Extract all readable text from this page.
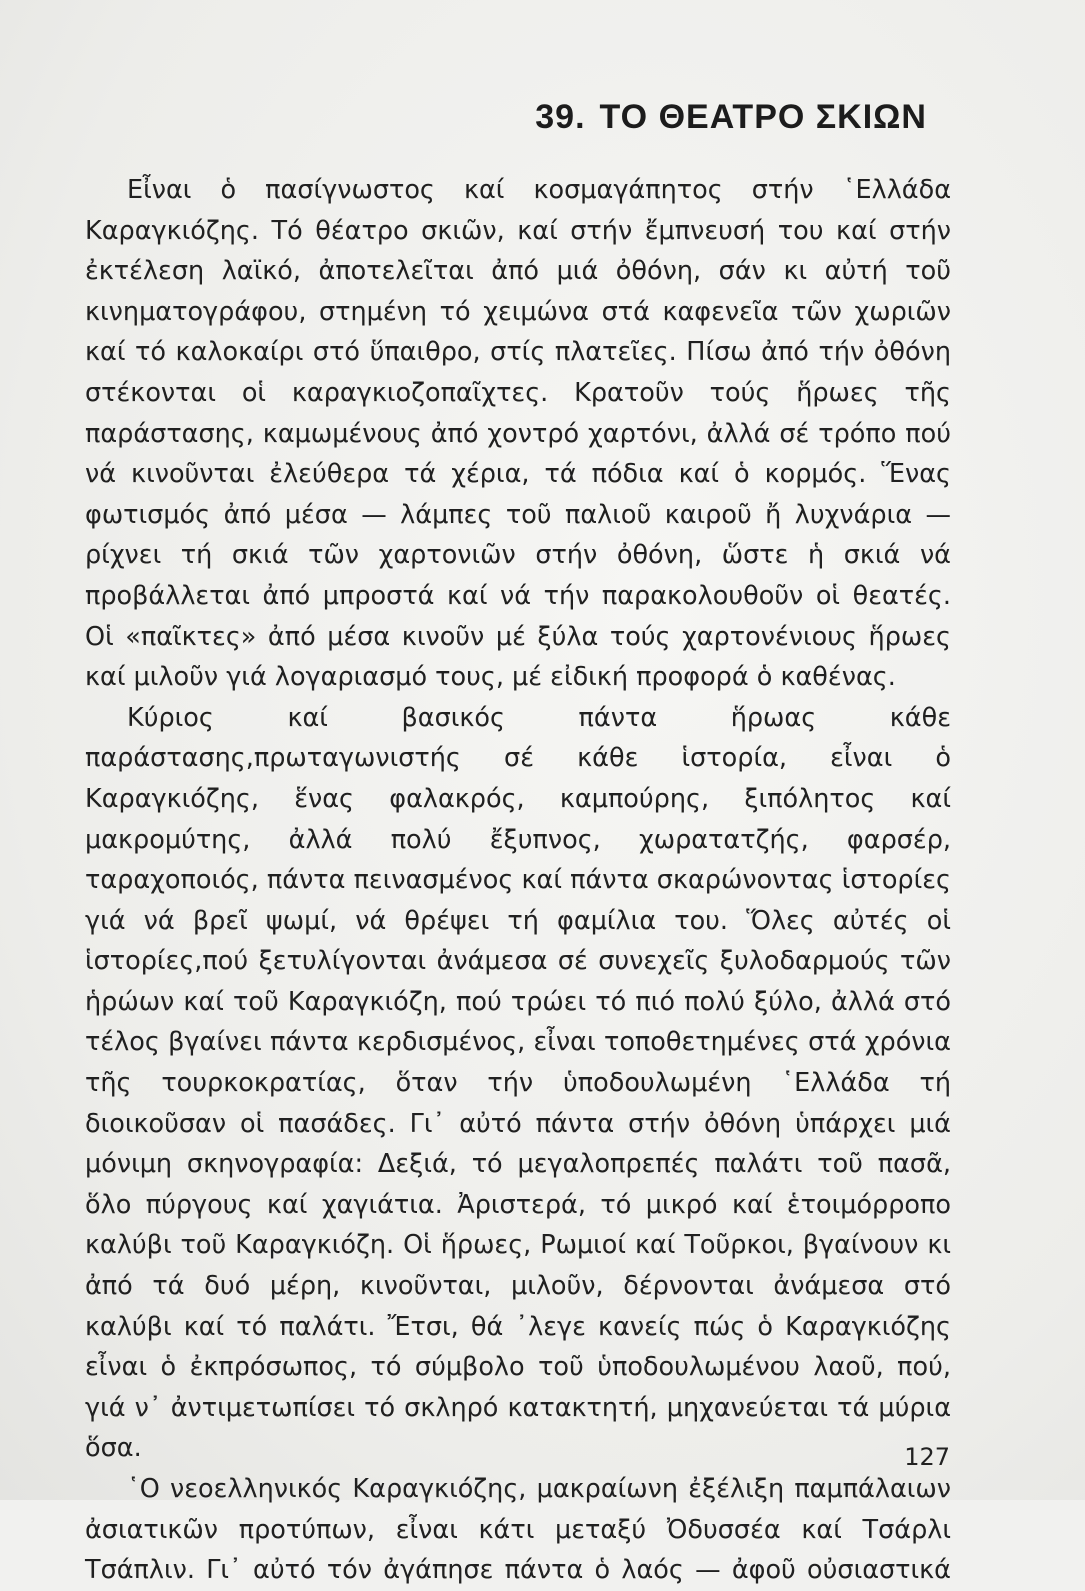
39. ΤΟ ΘΕΑΤΡΟ ΣΚΙΩΝ

Εἶναι ὁ πασίγνωστος καί κοσμαγάπητος στήν ῾Ελλάδα Καραγκιόζης. Τό θέατρο σκιῶν, καί στήν ἔμπνευσή του καί στήν ἐκτέλεση λαϊκό, ἀποτελεῖται ἀπό μιά ὀθόνη, σάν κι αὐτή τοῦ κινηματογράφου, στημένη τό χειμώνα στά καφενεῖα τῶν χωριῶν καί τό καλοκαίρι στό ὕπαιθρο, στίς πλατεῖες. Πίσω ἀπό τήν ὀθόνη στέκονται οἱ καραγκιοζοπαῖχτες. Κρατοῦν τούς ἥρωες τῆς παράστασης, καμωμένους ἀπό χοντρό χαρτόνι, ἀλλά σέ τρόπο πού νά κινοῦνται ἐλεύθερα τά χέρια, τά πόδια καί ὁ κορμός. Ἕνας φωτισμός ἀπό μέσα — λάμπες τοῦ παλιοῦ καιροῦ ἤ λυχνάρια — ρίχνει τή σκιά τῶν χαρτονιῶν στήν ὀθόνη, ὥστε ἡ σκιά νά προβάλλεται ἀπό μπροστά καί νά τήν παρακολουθοῦν οἱ θεατές. Οἱ «παῖκτες» ἀπό μέσα κινοῦν μέ ξύλα τούς χαρτονένιους ἥρωες καί μιλοῦν γιά λογαριασμό τους, μέ εἰδική προφορά ὁ καθένας.

Κύριος καί βασικός πάντα ἥρωας κάθε παράστασης,πρωταγωνιστής σέ κάθε ἱστορία, εἶναι ὁ Καραγκιόζης, ἕνας φαλακρός, καμπούρης, ξιπόλητος καί μακρομύτης, ἀλλά πολύ ἔξυπνος, χωρατατζής, φαρσέρ, ταραχοποιός, πάντα πεινασμένος καί πάντα σκαρώνοντας ἱστορίες γιά νά βρεῖ ψωμί, νά θρέψει τή φαμίλια του. Ὅλες αὐτές οἱ ἱστορίες,πού ξετυλίγονται ἀνάμεσα σέ συνεχεῖς ξυλοδαρμούς τῶν ἡρώων καί τοῦ Καραγκιόζη, πού τρώει τό πιό πολύ ξύλο, ἀλλά στό τέλος βγαίνει πάντα κερδισμένος, εἶναι τοποθετημένες στά χρόνια τῆς τουρκοκρατίας, ὅταν τήν ὑποδουλωμένη ῾Ελλάδα τή διοικοῦσαν οἱ πασάδες. Γι᾽ αὐτό πάντα στήν ὀθόνη ὑπάρχει μιά μόνιμη σκηνογραφία: Δεξιά, τό μεγαλοπρεπές παλάτι τοῦ πασᾶ, ὅλο πύργους καί χαγιάτια. Ἀριστερά, τό μικρό καί ἑτοιμόρροπο καλύβι τοῦ Καραγκιόζη. Οἱ ἥρωες, Ρωμιοί καί Τοῦρκοι, βγαίνουν κι ἀπό τά δυό μέρη, κινοῦνται, μιλοῦν, δέρνονται ἀνάμεσα στό καλύβι καί τό παλάτι. Ἔτσι, θά ᾽λεγε κανείς πώς ὁ Καραγκιόζης εἶναι ὁ ἐκπρόσωπος, τό σύμβολο τοῦ ὑποδουλωμένου λαοῦ, πού, γιά ν᾽ ἀντιμετωπίσει τό σκληρό κατακτητή, μηχανεύεται τά μύρια ὅσα.

῾Ο νεοελληνικός Καραγκιόζης, μακραίωνη ἐξέλιξη παμπάλαιων ἀσιατικῶν προτύπων, εἶναι κάτι μεταξύ Ὀδυσσέα καί Τσάρλι Τσάπλιν. Γι᾽ αὐτό τόν ἀγάπησε πάντα ὁ λαός — ἀφοῦ οὐσιαστικά

127
